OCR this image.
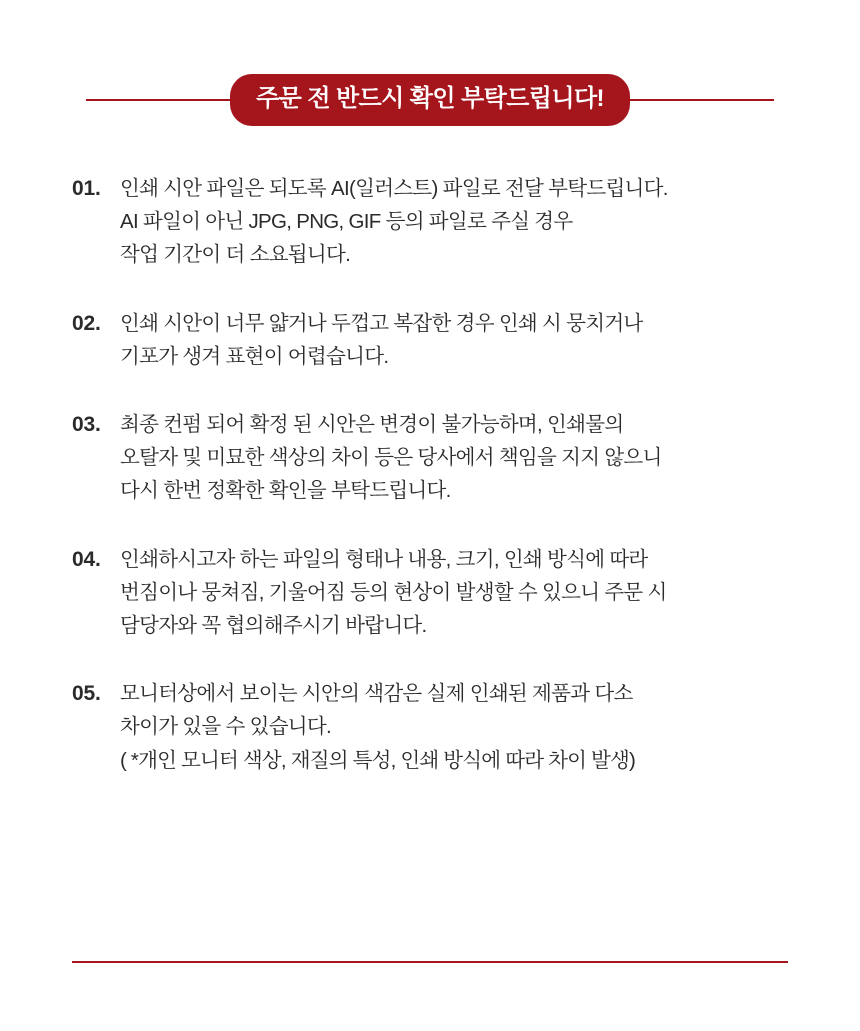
주문 전 반드시 확인 부탁드립니다!
01. 인쇄 시안 파일은 되도록 AI(일러스트) 파일로 전달 부탁드립니다.
AI 파일이 아닌 JPG, PNG, GIF 등의 파일로 주실 경우
작업 기간이 더 소요됩니다.
02. 인쇄 시안이 너무 얇거나 두껍고 복잡한 경우 인쇄 시 뭉치거나
기포가 생겨 표현이 어렵습니다.
03. 최종 컨펌 되어 확정 된 시안은 변경이 불가능하며, 인쇄물의
오탈자 및 미묘한 색상의 차이 등은 당사에서 책임을 지지 않으니
다시 한번 정확한 확인을 부탁드립니다.
04. 인쇄하시고자 하는 파일의 형태나 내용, 크기, 인쇄 방식에 따라
번짐이나 뭉쳐짐, 기울어짐 등의 현상이 발생할 수 있으니 주문 시
담당자와 꼭 협의해주시기 바랍니다.
05. 모니터상에서 보이는 시안의 색감은 실제 인쇄된 제품과 다소
차이가 있을 수 있습니다.
( *개인 모니터 색상, 재질의 특성, 인쇄 방식에 따라 차이 발생)
